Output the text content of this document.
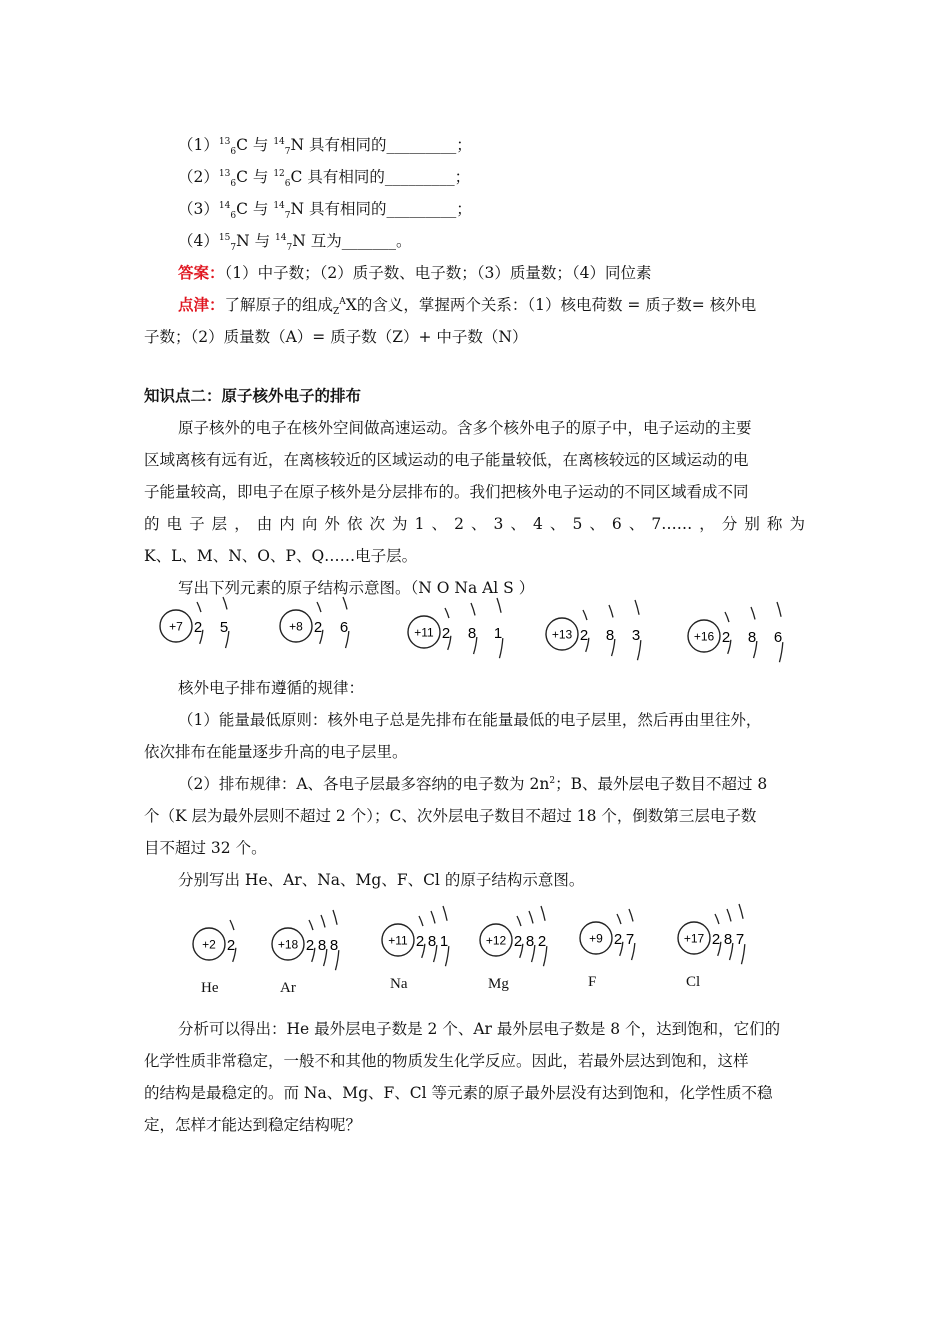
$(1)^{13}_6C$ 与 $^{14}_7$N 具有相同的_________；
$(2)^{13}_6C$ 与 $^{12}_6$C 具有相同的_________；
$(3)^{14}_6C$ 与 $^{14}_7$N 具有相同的_________；
$(4)^{15}_7N$ 与 $^{14}_7$N 互为_______。
答案：（1）中子数；（2）质子数、电子数；（3）质量数；（4）同位素
点津：了解原子的组成$_Z^A$X的含义，掌握两个关系：（1）核电荷数 = 质子数= 核外电
子数；（2）质量数（A）= 质子数（Z）+ 中子数（N）
知识点二：原子核外电子的排布
原子核外的电子在核外空间做高速运动。含多个核外电子的原子中，电子运动的主要
区域离核有远有近，在离核较近的区域运动的电子能量较低，在离核较远的区域运动的电
子能量较高，即电子在原子核外是分层排布的。我们把核外电子运动的不同区域看成不同
的电子层，由内向外依次为1、2、3、4、5、6、7……，分别称为
K、L、M、N、O、P、Q……电子层。
写出下列元素的原子结构示意图。（N O Na Al S ）
+7 2 5	+8 2 6	+11 2 8 1	+13 2 8 3	+16 2 8 6
核外电子排布遵循的规律：
（1）能量最低原则：核外电子总是先排布在能量最低的电子层里，然后再由里往外，
依次排布在能量逐步升高的电子层里。
（2）排布规律：A、各电子层最多容纳的电子数为 $2n^2$；B、最外层电子数目不超过 8
个（K 层为最外层则不超过 2 个）；C、次外层电子数目不超过 18 个，倒数第三层电子数
目不超过 32 个。
分别写出 He、Ar、Na、Mg、F、Cl 的原子结构示意图。
+2 2
He
+18 2 8 8
Ar
+11 2 8 1
Na
+12 2 8 2
Mg
+9 2 7
F
+17 2 8 7
Cl
分析可以得出：He 最外层电子数是 2 个、Ar 最外层电子数是 8 个，达到饱和，它们的
化学性质非常稳定，一般不和其他的物质发生化学反应。因此，若最外层达到饱和，这样
的结构是最稳定的。而 Na、Mg、F、Cl 等元素的原子最外层没有达到饱和，化学性质不稳
定，怎样才能达到稳定结构呢？
